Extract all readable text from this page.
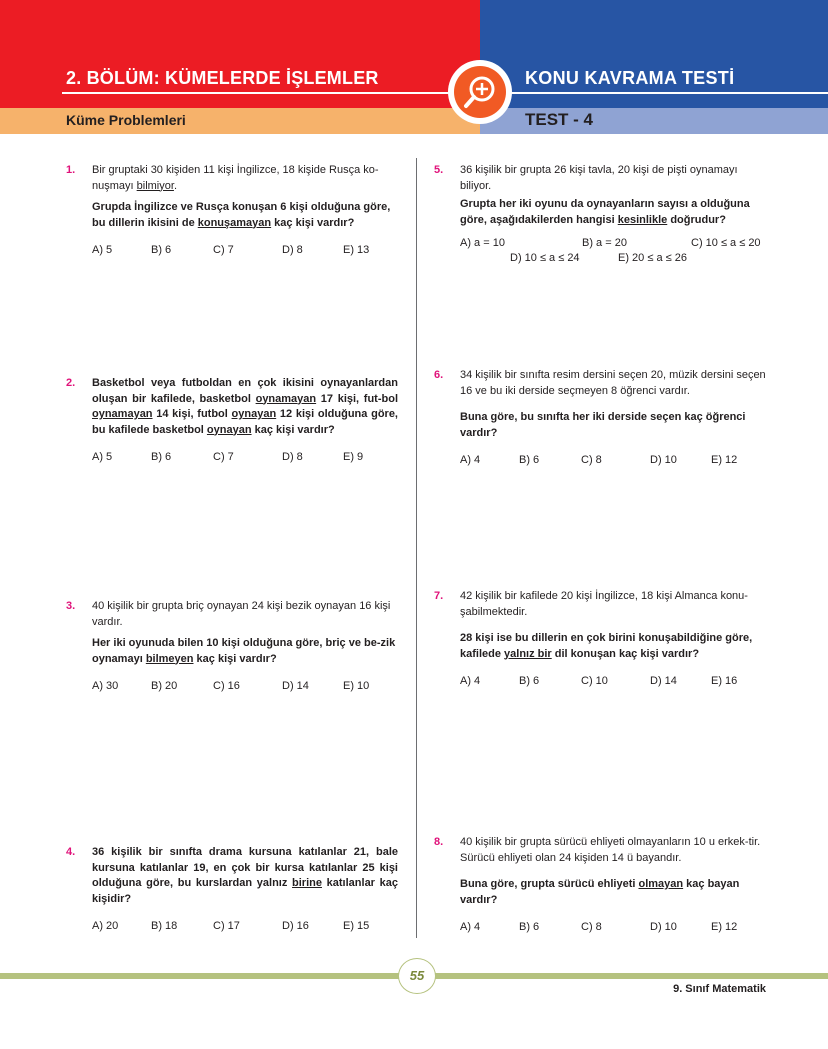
2. BÖLÜM: KÜMELERDE İŞLEMLER	KONU KAVRAMA TESTİ
Küme Problemleri	TEST - 4
1. Bir gruptaki 30 kişiden 11 kişi İngilizce, 18 kişide Rusça ko-nuşmayı bilmiyor.

Grupda İngilizce ve Rusça konuşan 6 kişi olduğuna göre, bu dillerin ikisini de konuşamayan kaç kişi vardır?

A) 5	B) 6	C) 7	D) 8	E) 13
2. Basketbol veya futboldan en çok ikisini oynayanlardan oluşan bir kafilede, basketbol oynamayan 17 kişi, fut-bol oynamayan 14 kişi, futbol oynayan 12 kişi olduğuna göre, bu kafilede basketbol oynayan kaç kişi vardır?

A) 5	B) 6	C) 7	D) 8	E) 9
3. 40 kişilik bir grupta briç oynayan 24 kişi bezik oynayan 16 kişi vardır.

Her iki oyunuda bilen 10 kişi olduğuna göre, briç ve be-zik oynamayı bilmeyen kaç kişi vardır?

A) 30	B) 20	C) 16	D) 14	E) 10
4. 36 kişilik bir sınıfta drama kursuna katılanlar 21, bale kursuna katılanlar 19, en çok bir kursa katılanlar 25 kişi olduğuna göre, bu kurslardan yalnız birine katılanlar kaç kişidir?

A) 20	B) 18	C) 17	D) 16	E) 15
5. 36 kişilik bir grupta 26 kişi tavla, 20 kişi de pişti oynamayı biliyor.

Grupta her iki oyunu da oynayanların sayısı a olduğuna göre, aşağıdakilerden hangisi kesinlikle doğrudur?

A) a = 10	B) a = 20	C) 10 ≤ a ≤ 20
D) 10 ≤ a ≤ 24	E) 20 ≤ a ≤ 26
6. 34 kişilik bir sınıfta resim dersini seçen 20, müzik dersini seçen 16 ve bu iki derside seçmeyen 8 öğrenci vardır.

Buna göre, bu sınıfta her iki derside seçen kaç öğrenci vardır?

A) 4	B) 6	C) 8	D) 10	E) 12
7. 42 kişilik bir kafilede 20 kişi İngilizce, 18 kişi Almanca konu-şabilmektedir.

28 kişi ise bu dillerin en çok birini konuşabildiğine göre, kafilede yalnız bir dil konuşan kaç kişi vardır?

A) 4	B) 6	C) 10	D) 14	E) 16
8. 40 kişilik bir grupta sürücü ehliyeti olmayanların 10 u erkek-tir. Sürücü ehliyeti olan 24 kişiden 14 ü bayandır.

Buna göre, grupta sürücü ehliyeti olmayan kaç bayan vardır?

A) 4	B) 6	C) 8	D) 10	E) 12
55
9. Sınıf Matematik
